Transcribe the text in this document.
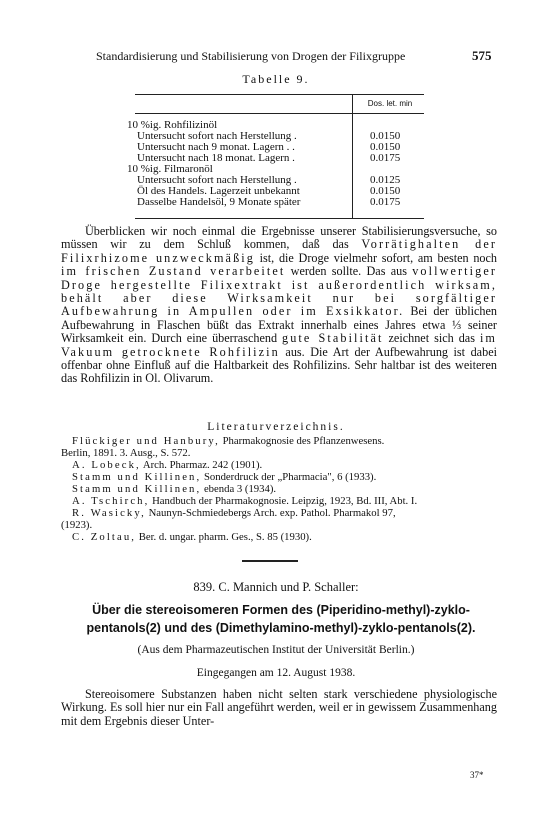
Standardisierung und Stabilisierung von Drogen der Filixgruppe	575
Tabelle 9.
Dos. let. min
10 %ig. Rohfilizinöl
Untersucht sofort nach Herstellung .	0.0150
Untersucht nach 9 monat. Lagern . .	0.0150
Untersucht nach 18 monat. Lagern .	0.0175
10 %ig. Filmaronöl
Untersucht sofort nach Herstellung .	0.0125
Öl des Handels. Lagerzeit unbekannt	0.0150
Dasselbe Handelsöl, 9 Monate später	0.0175

Überblicken wir noch einmal die Ergebnisse unserer Stabilisierungsversuche, so müssen wir zu dem Schluß kommen, daß das Vorrätighalten der Filixrhizome unzweckmäßig ist, die Droge vielmehr sofort, am besten noch im frischen Zustand verarbeitet werden sollte. Das aus vollwertiger Droge hergestellte Filixextrakt ist außerordentlich wirksam, behält aber diese Wirksamkeit nur bei sorgfältiger Aufbewahrung in Ampullen oder im Exsikkator. Bei der üblichen Aufbewahrung in Flaschen büßt das Extrakt innerhalb eines Jahres etwa ⅓ seiner Wirksamkeit ein. Durch eine überraschend gute Stabilität zeichnet sich das im Vakuum getrocknete Rohfilizin aus. Die Art der Aufbewahrung ist dabei offenbar ohne Einfluß auf die Haltbarkeit des Rohfilizins. Sehr haltbar ist des weiteren das Rohfilizin in Ol. Olivarum.

Literaturverzeichnis.
Flückiger und Hanbury, Pharmakognosie des Pflanzenwesens.
Berlin, 1891. 3. Ausg., S. 572.
A. Lobeck, Arch. Pharmaz. 242 (1901).
Stamm und Killinen, Sonderdruck der „Pharmacia", 6 (1933).
Stamm und Killinen, ebenda 3 (1934).
A. Tschirch, Handbuch der Pharmakognosie. Leipzig, 1923, Bd. III, Abt. I.
R. Wasicky, Naunyn-Schmiedebergs Arch. exp. Pathol. Pharmakol 97,
(1923).
C. Zoltau, Ber. d. ungar. pharm. Ges., S. 85 (1930).
839. C. Mannich und P. Schaller:
Über die stereoisomeren Formen des (Piperidino-methyl)-zyklo-
pentanols(2) und des (Dimethylamino-methyl)-zyklo-pentanols(2).
(Aus dem Pharmazeutischen Institut der Universität Berlin.)
Eingegangen am 12. August 1938.

Stereoisomere Substanzen haben nicht selten stark verschiedene physiologische Wirkung. Es soll hier nur ein Fall angeführt werden, weil er in gewissem Zusammenhang mit dem Ergebnis dieser Unter-

37*
